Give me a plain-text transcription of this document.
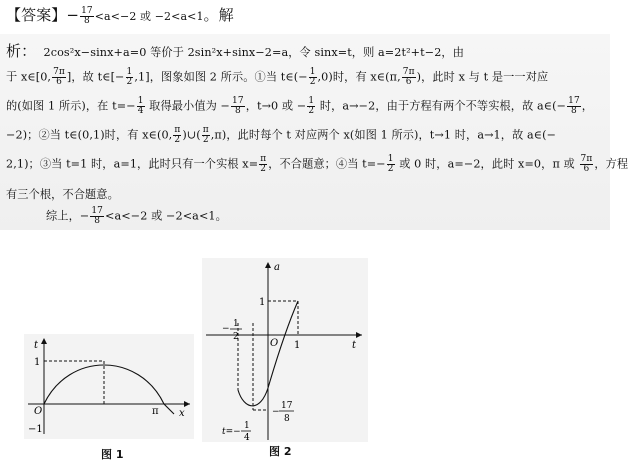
【答案】− $\frac{17}{8} <a<-2$ 或 −2<a<1。解
析： 2cos²x−sinx+a=0 等价于 2sin²x+sinx−2=a，令 sinx=t，则 a=2t²+t−2，由
于 x∈[0, $\frac{7\pi}{6}$ ]，故 t∈[− $\frac{1}{2} ,1$]，图象如图 2 所示。①当 t∈(− $\frac{1}{2} ,0$)时，有 x∈(π, $\frac{7\pi}{6}$ )，此时 x 与 t 是一一对应
的(如图 1 所示)，在 $t=- \frac{1}{4}$ 取得最小值为 − $\frac{17}{8}$ ，t→0 或 − $\frac{1}{2}$ 时，a→−2，由于方程有两个不等实根，故 a∈(− $\frac{17}{8}$ ，
−2)；②当 t∈(0,1)时，有 x∈(0, $\frac{\pi}{2}$ )∪( $\frac{\pi}{2} ,\pi$)，此时每个 t 对应两个 x(如图 1 所示)，t→1 时，a→1，故 a∈(−
2,1)；③当 t=1 时，a=1，此时只有一个实根 $x= \frac{\pi}{2}$ ，不合题意；④当 $t=- \frac{1}{2}$ 或 0 时，a=−2，此时 x=0，π 或 $\frac{7\pi}{6}$ ，方程
有三个根，不合题意。
综上，− $\frac{17}{8} <a<-2$ 或 −2<a<1。
t
x
O
1
−1
π
图 1
a
t
O 1
1
− 1
2
−
17
8
t=−
1
4
图 2
